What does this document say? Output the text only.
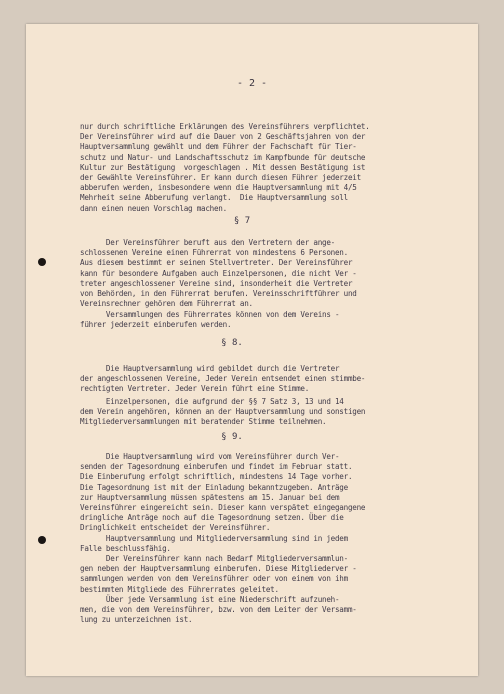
- 2 -
nur durch schriftliche Erklärungen des Vereinsführers verpflichtet.
Der Vereinsführer wird auf die Dauer von 2 Geschäftsjahren von der
Hauptversammlung gewählt und dem Führer der Fachschaft für Tier-
schutz und Natur- und Landschaftsschutz im Kampfbunde für deutsche
Kultur zur Bestätigung  vorgeschlagen . Mit dessen Bestätigung ist
der Gewählte Vereinsführer. Er kann durch diesen Führer jederzeit
abberufen werden, insbesondere wenn die Hauptversammlung mit 4/5
Mehrheit seine Abberufung verlangt.  Die Hauptversammlung soll
dann einen neuen Vorschlag machen.
§ 7
Der Vereinsführer beruft aus den Vertretern der ange-
schlossenen Vereine einen Führerrat von mindestens 6 Personen.
Aus diesem bestimmt er seinen Stellvertreter. Der Vereinsführer
kann für besondere Aufgaben auch Einzelpersonen, die nicht Ver -
treter angeschlossener Vereine sind, insonderheit die Vertreter
von Behörden, in den Führerrat berufen. Vereinsschriftführer und
Vereinsrechner gehören dem Führerrat an.
Versammlungen des Führerrates können von dem Vereins -
führer jederzeit einberufen werden.
§ 8.
Die Hauptversammlung wird gebildet durch die Vertreter
der angeschlossenen Vereine, Jeder Verein entsendet einen stimmbe-
rechtigten Vertreter. Jeder Verein führt eine Stimme.
Einzelpersonen, die aufgrund der §§ 7 Satz 3, 13 und 14
dem Verein angehören, können an der Hauptversammlung und sonstigen
Mitgliederversammlungen mit beratender Stimme teilnehmen.
§ 9.
Die Hauptversammlung wird vom Vereinsführer durch Ver-
senden der Tagesordnung einberufen und findet im Februar statt.
Die Einberufung erfolgt schriftlich, mindestens 14 Tage vorher.
Die Tagesordnung ist mit der Einladung bekanntzugeben. Anträge
zur Hauptversammlung müssen spätestens am 15. Januar bei dem
Vereinsführer eingereicht sein. Dieser kann verspätet eingegangene
dringliche Anträge noch auf die Tagesordnung setzen. Über die
Dringlichkeit entscheidet der Vereinsführer.
Hauptversammlung und Mitgliederversammlung sind in jedem
Falle beschlussfähig.
Der Vereinsführer kann nach Bedarf Mitgliederversammlun-
gen neben der Hauptversammlung einberufen. Diese Mitgliederver -
sammlungen werden von dem Vereinsführer oder von einem von ihm
bestimmten Mitgliede des Führerrates geleitet.
Über jede Versammlung ist eine Niederschrift aufzuneh-
men, die von dem Vereinsführer, bzw. von dem Leiter der Versamm-
lung zu unterzeichnen ist.
